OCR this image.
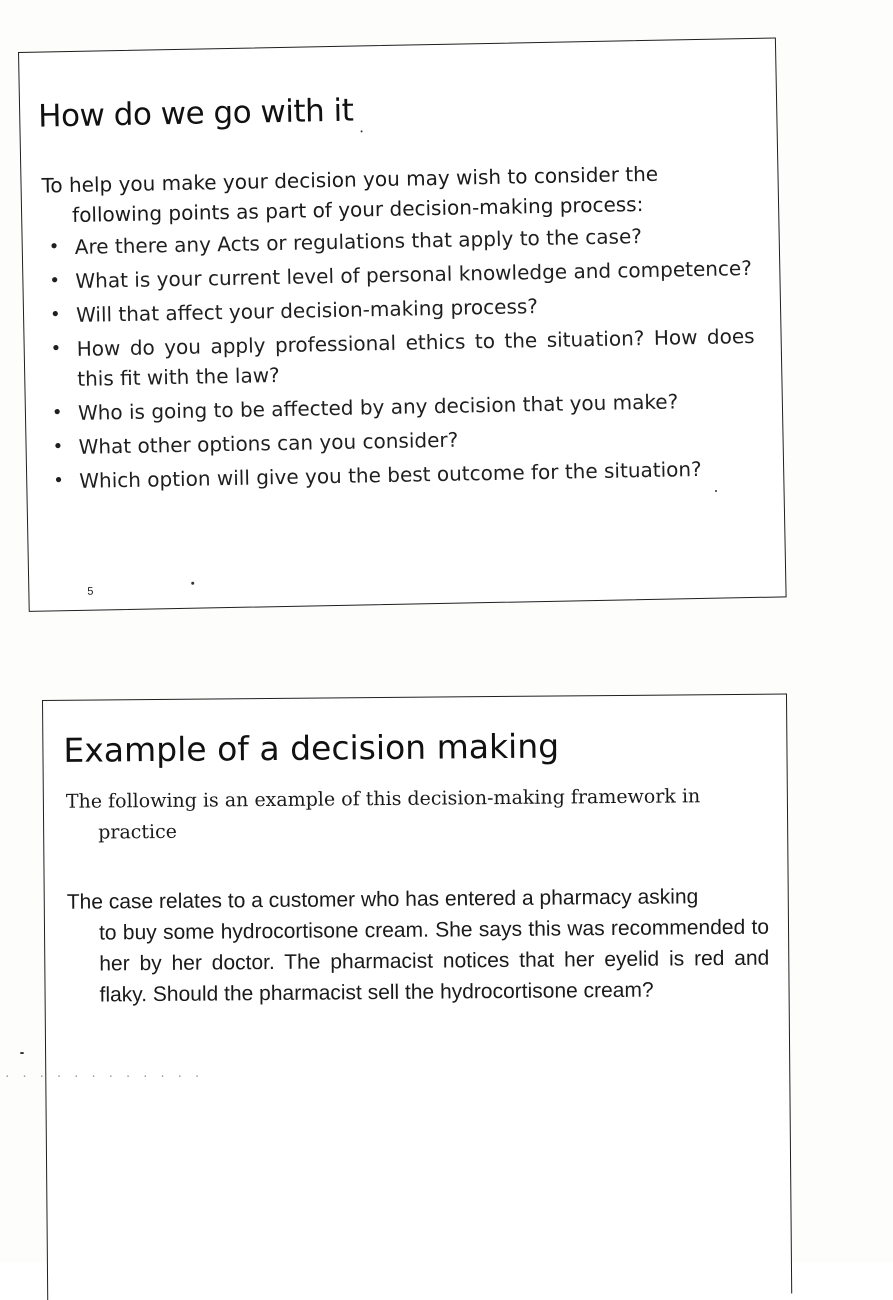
How do we go with it
To help you make your decision you may wish to consider the
following points as part of your decision-making process:
• Are there any Acts or regulations that apply to the case?
• What is your current level of personal knowledge and competence?
• Will that affect your decision-making process?
• How do you apply professional ethics to the situation? How does this fit with the law?
• Who is going to be affected by any decision that you make?
• What other options can you consider?
• Which option will give you the best outcome for the situation?
5
Example of a decision making
The following is an example of this decision-making framework in
practice
The case relates to a customer who has entered a pharmacy asking
to buy some hydrocortisone cream. She says this was recommended to her by her doctor. The pharmacist notices that her eyelid is red and flaky. Should the pharmacist sell the hydrocortisone cream?
· · · · · · · · · · · ·
